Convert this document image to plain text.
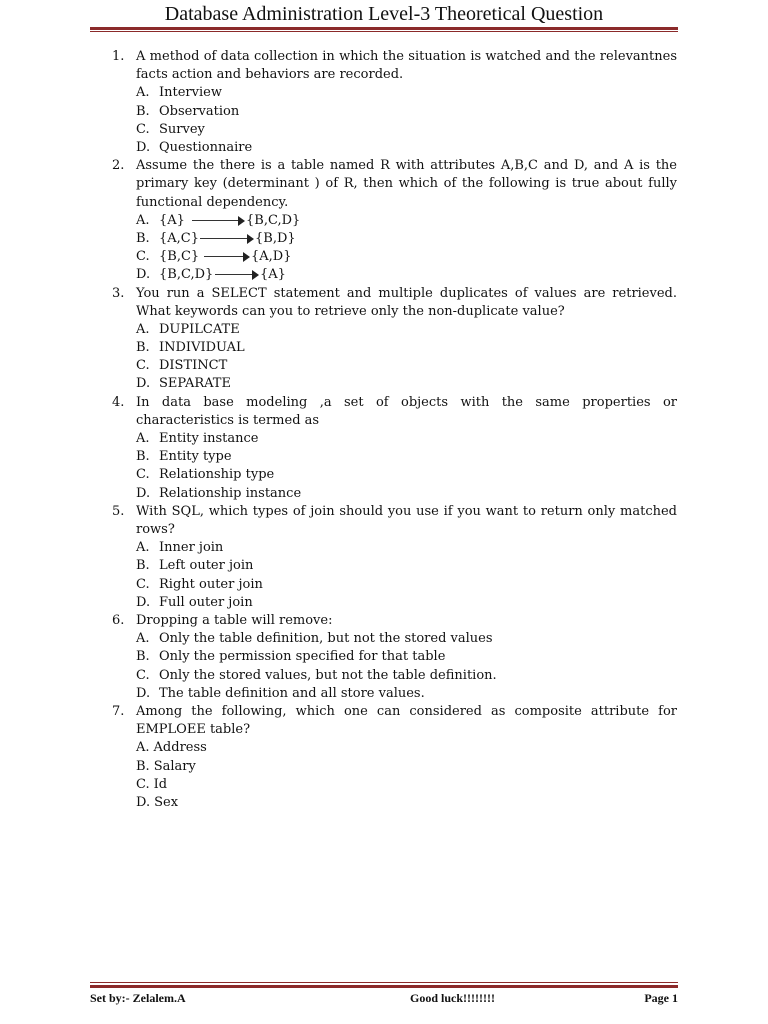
Database Administration Level-3 Theoretical Question
1. A method of data collection in which the situation is watched and the relevantnes facts action and behaviors are recorded.
A. Interview
B. Observation
C. Survey
D. Questionnaire
2. Assume the there is a table named R with attributes A,B,C and D, and A is the primary key (determinant ) of R, then which of the following is true about fully functional dependency.
A. {A}	{B,C,D}
B. {A,C}	{B,D}
C. {B,C}	{A,D}
D. {B,C,D}	{A}
3. You run a SELECT statement and multiple duplicates of values are retrieved. What keywords can you to retrieve only the non-duplicate value?
A. DUPILCATE
B. INDIVIDUAL
C. DISTINCT
D. SEPARATE
4. In data base modeling ,a set of objects with the same properties or characteristics is termed as
A. Entity instance
B. Entity type
C. Relationship type
D. Relationship instance
5. With SQL, which types of join should you use if you want to return only matched rows?
A. Inner join
B. Left outer join
C. Right outer join
D. Full outer join
6. Dropping a table will remove:
A. Only the table definition, but not the stored values
B. Only the permission specified for that table
C. Only the stored values, but not the table definition.
D. The table definition and all store values.
7. Among the following, which one can considered as composite attribute for EMPLOEE table?
A. Address
B. Salary
C. Id
D. Sex
Set by:- Zelalem.A	Good luck!!!!!!!!	Page 1
